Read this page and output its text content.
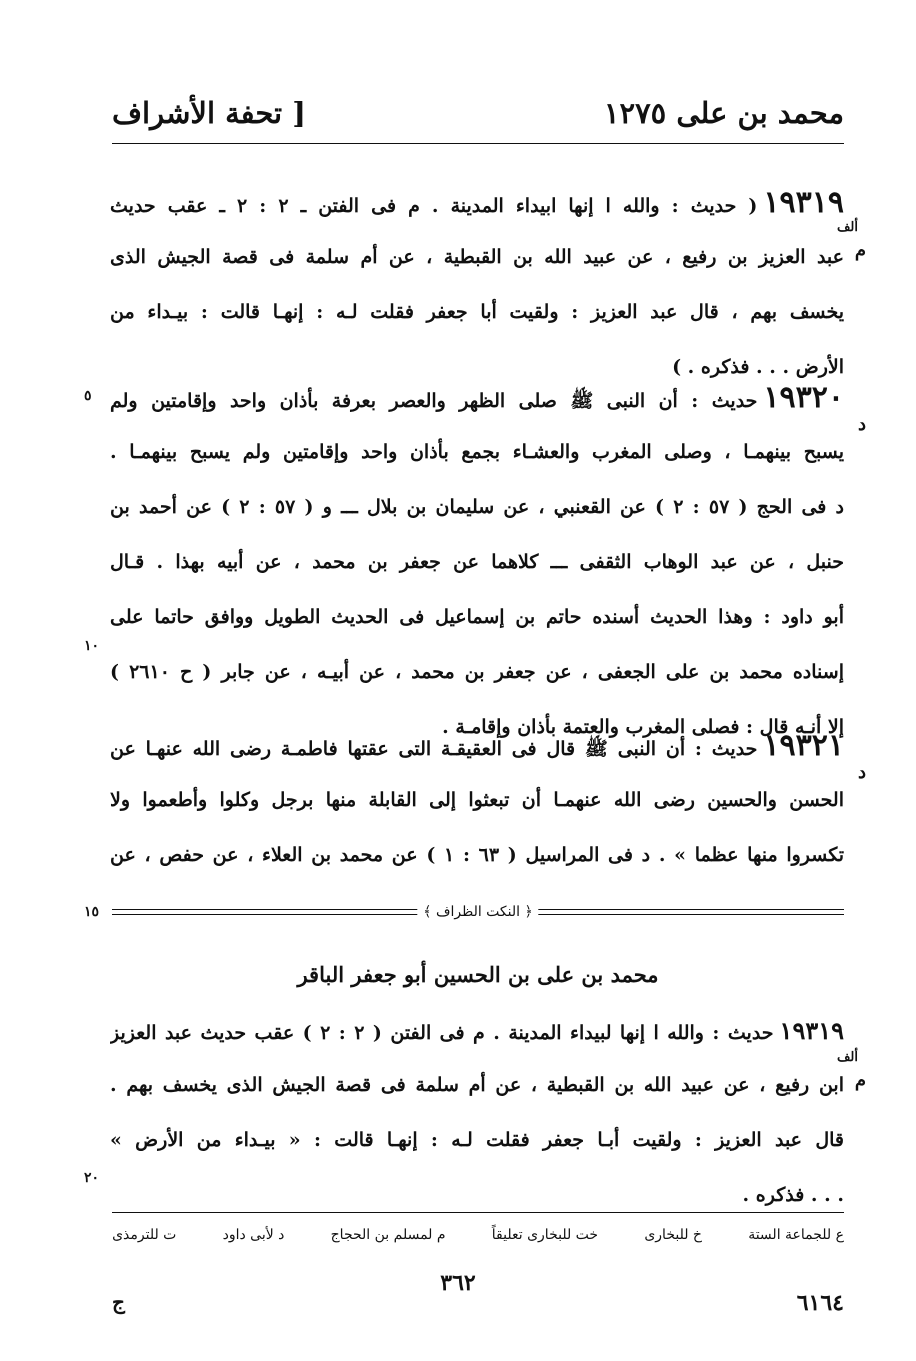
محمد بن على ١٢٧٥
[ تحفة الأشراف
١٩٣١٩( حديث : والله ا إنها ابيداء المدينة . م فى الفتن ـ ٢ : ٢ ـ عقب حديث
عبد العزيز بن رفيع ، عن عبيد الله بن القبطية ، عن أم سلمة فى قصة الجيش الذى
يخسف بهم ، قال عبد العزيز : ولقيت أبا جعفر فقلت لـه : إنهـا قالت : بيـداء من
الأرض . . . فذكره . )
ألف
م
١٩٣٢٠حديث : أن النبى ﷺ صلى الظهر والعصر بعرفة بأذان واحد وإقامتين ولم
يسبح بينهمـا ، وصلى المغرب والعشـاء بجمع بأذان واحد وإقامتين ولم يسبح بينهمـا .
د فى الحج ( ٥٧ : ٢ ) عن القعنبي ، عن سليمان بن بلال ـــ و ( ٥٧ : ٢ ) عن أحمد بن
حنبل ، عن عبد الوهاب الثقفى ـــ كلاهما عن جعفر بن محمد ، عن أبيه بهذا . قـال
أبو داود : وهذا الحديث أسنده حاتم بن إسماعيل فى الحديث الطويل ووافق حاتما على
إسناده محمد بن على الجعفى ، عن جعفر بن محمد ، عن أبيـه ، عن جابر ( ح ٢٦١٠ )
إلا أنـه قال : فصلى المغرب والعتمة بأذان وإقامـة .
د
١٩٣٢١حديث : أن النبى ﷺ قال فى العقيقـة التى عقتها فاطمـة رضى الله عنهـا عن
الحسن والحسين رضى الله عنهمـا أن تبعثوا إلى القابلة منها برجل وكلوا وأطعموا ولا
تكسروا منها عظما » . د فى المراسيل ( ٦٣ : ١ ) عن محمد بن العلاء ، عن حفص ، عن
د
٥
١٠
١٥
٢٠
﴿ النكت الظراف ﴾
محمد بن على بن الحسين أبو جعفر الباقر
١٩٣١٩حديث : والله ا إنها لبيداء المدينة . م فى الفتن ( ٢ : ٢ ) عقب حديث عبد العزيز
ابن رفيع ، عن عبيد الله بن القبطية ، عن أم سلمة فى قصة الجيش الذى يخسف بهم .
قال عبد العزيز : ولقيت أبـا جعفر فقلت لـه : إنهـا قالت : « بيـداء من الأرض »
. . . فذكره .
ألف
م
ع للجماعة الستة
خ للبخارى
خت للبخارى تعليقاً
م لمسلم بن الحجاج
د لأبى داود
ت للترمذى
٣٦٢
ج	٦١٦٤
